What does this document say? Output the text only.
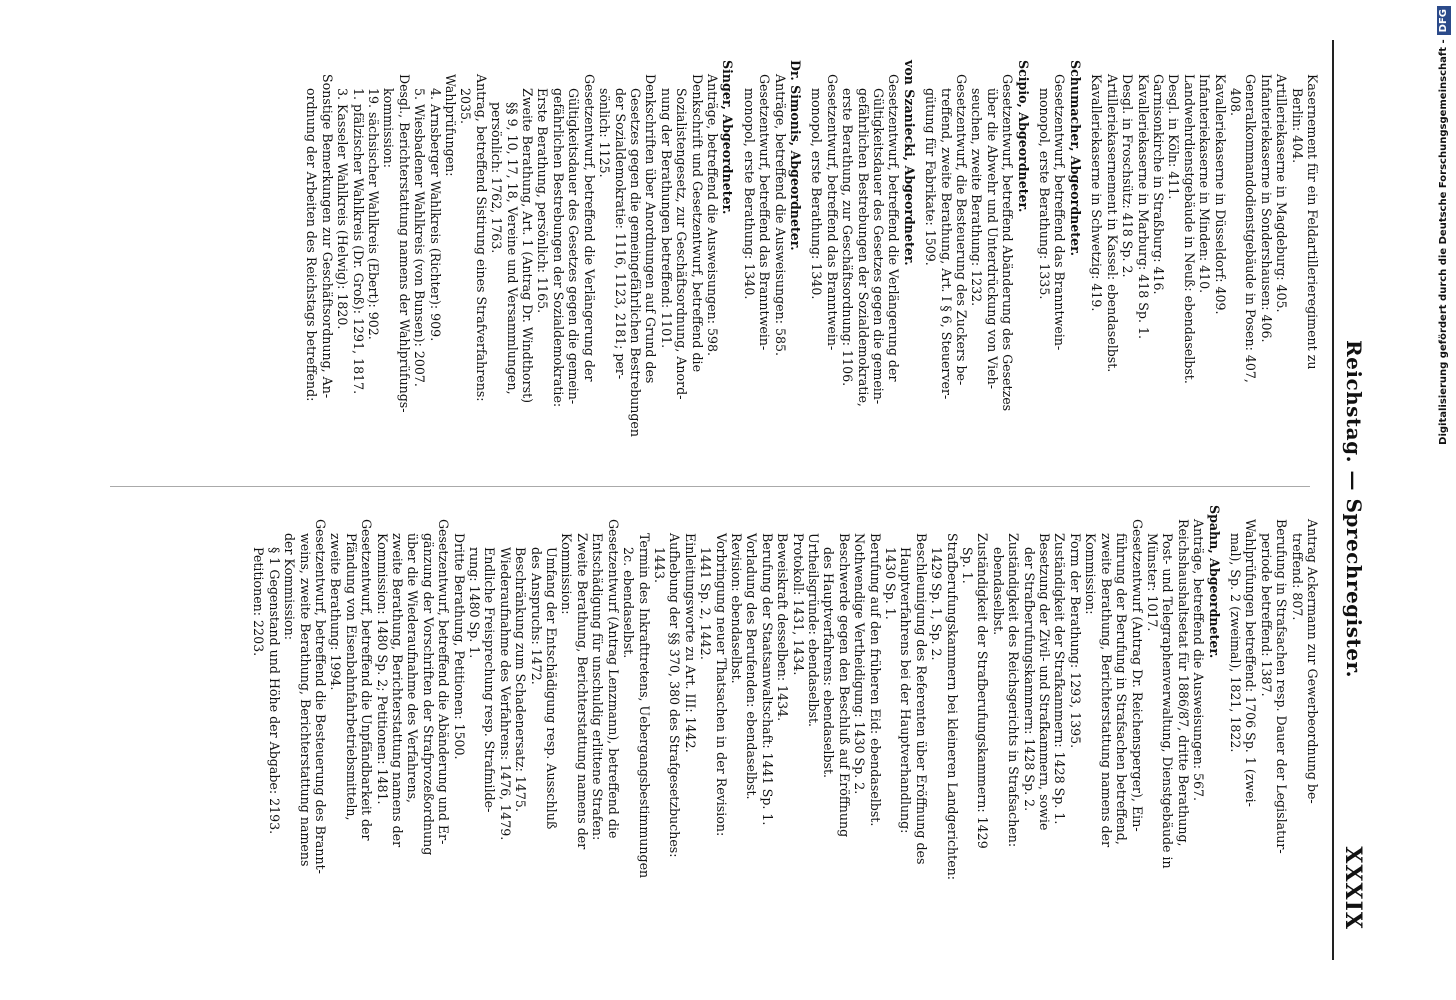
Reichstag. — Sprechregister.
XXXIX
Kasernement für ein Feldartillerieregiment zu
Berlin: 404.
Artilleriekaserne in Magdeburg: 405.
Infanteriekaserne in Sondershausen: 406.
Generalkommandodienstgebäude in Posen: 407,
408.
Kavalleriekaserne in Düsseldorf: 409.
Infanteriekaserne in Minden: 410.
Landwehrdienstgebäude in Neuß: ebendaselbst.
Desgl. in Köln: 411.
Garnisonkirche in Straßburg: 416.
Kavalleriekaserne in Marburg: 418 Sp. 1.
Desgl. in Froschsütz: 418 Sp. 2.
Artilleriekasernement in Kassel: ebendaselbst.
Kavalleriekaserne in Schwetzig: 419.
Schumacher, Abgeordneter.
Gesetzentwurf, betreffend das Branntwein-
monopol, erste Berathung: 1335.
Scipio, Abgeordneter.
Gesetzentwurf, betreffend Abänderung des Gesetzes
über die Abwehr und Unterdrückung von Vieh-
seuchen, zweite Berathung: 1232.
Gesetzentwurf, die Besteuerung des Zuckers be-
treffend, zweite Berathung, Art. I § 6, Steuerver-
gütung für Fabrikate: 1509.
von Szaniecki, Abgeordneter.
Gesetzentwurf, betreffend die Verlängerung der
Gültigkeitsdauer des Gesetzes gegen die gemein-
gefährlichen Bestrebungen der Sozialdemokratie,
erste Berathung, zur Geschäftsordnung: 1106.
Gesetzentwurf, betreffend das Branntwein-
monopol, erste Berathung: 1340.
Dr. Simonis, Abgeordneter.
Anträge, betreffend die Ausweisungen: 585.
Gesetzentwurf, betreffend das Branntwein-
monopol, erste Berathung: 1340.
Singer, Abgeordneter.
Anträge, betreffend die Ausweisungen: 598.
Denkschrift und Gesetzentwurf, betreffend die
Sozialistengesetz, zur Geschäftsordnung, Anord-
nung der Berathungen betreffend: 1101.
Denkschriften über Anordnungen auf Grund des
Gesetzes gegen die gemeingefährlichen Bestrebungen
der Sozialdemokratie: 1116, 1123, 2181; per-
sönlich: 1125.
Gesetzentwurf, betreffend die Verlängerung der
Gültigkeitsdauer des Gesetzes gegen die gemein-
gefährlichen Bestrebungen der Sozialdemokratie:
Erste Berathung, persönlich: 1165.
Zweite Berathung, Art. 1 (Antrag Dr. Windthorst)
§§ 9, 10, 17, 18, Vereine und Versammlungen,
persönlich: 1762, 1763.
Antrag, betreffend Sistirung eines Strafverfahrens:
2035.
Wahlprüfungen:
4. Arnsberger Wahlkreis (Richter): 909.
5. Wiesbadener Wahlkreis (von Bunsen): 2007.
Desgl., Berichterstattung namens der Wahlprüfungs-
kommission:
19. sächsischer Wahlkreis (Ebert): 902.
1. pfälzischer Wahlkreis (Dr. Groß): 1291, 1817.
3. Kasseler Wahlkreis (Helwig): 1820.
Sonstige Bemerkungen zur Geschäftsordnung, An-
ordnung der Arbeiten des Reichstags betreffend:
Antrag Ackermann zur Gewerbeordnung be-
treffend: 807.
Berufung in Strafsachen resp. Dauer der Legislatur-
periode betreffend: 1387.
Wahlprüfungen betreffend: 1706 Sp. 1 (zwei-
mal), Sp. 2 (zweimal), 1821, 1822.
Spahn, Abgeordneter.
Anträge, betreffend die Ausweisungen: 567.
Reichshaushaltsetat für 1886/87, dritte Berathung,
Post- und Telegraphenverwaltung, Dienstgebäude in
Münster: 1017.
Gesetzentwurf (Antrag Dr. Reichensperger), Ein-
führung der Berufung in Strafsachen betreffend,
zweite Berathung, Berichterstattung namens der
Kommission:
Form der Berathung: 1293, 1395.
Zuständigkeit der Strafkammern: 1428 Sp. 1.
Besetzung der Zivil- und Strafkammern, sowie
der Strafberufungskammern: 1428 Sp. 2.
Zuständigkeit des Reichsgerichts in Strafsachen:
ebendaselbst.
Zuständigkeit der Strafberufungskammern: 1429
Sp. 1.
Strafberufungskammern bei kleineren Landgerichten:
1429 Sp. 1, Sp. 2.
Beschleunigung des Referenten über Eröffnung des
Hauptverfahrens bei der Hauptverhandlung:
1430 Sp. 1.
Berufung auf den früheren Eid: ebendaselbst.
Nothwendige Vertheidigung: 1430 Sp. 2.
Beschwerde gegen den Beschluß auf Eröffnung
des Hauptverfahrens: ebendaselbst.
Urtheilsgründe: ebendaselbst.
Protokoll: 1431, 1434.
Beweiskraft desselben: 1434.
Berufung der Staatsanwaltschaft: 1441 Sp. 1.
Vorladung des Berufenden: ebendaselbst.
Revision: ebendaselbst.
Vorbringung neuer Thatsachen in der Revision:
1441 Sp. 2, 1442.
Einleitungsworte zu Art. III: 1442.
Aufhebung der §§ 370, 380 des Strafgesetzbuches:
1443.
Termin des Inkrafttretens, Uebergangsbestimmungen
2c. ebendaselbst.
Gesetzentwurf (Antrag Lenzmann), betreffend die
Entschädigung für unschuldig erlittene Strafen:
Zweite Berathung, Berichterstattung namens der
Kommission:
Umfang der Entschädigung resp. Ausschluß
des Anspruchs: 1472.
Beschränkung zum Schadenersatz: 1475.
Wiederaufnahme des Verfahrens: 1476, 1479.
Endliche Freisprechung resp. Strafmilde-
rung: 1480 Sp. 1.
Dritte Berathung, Petitionen: 1500.
Gesetzentwurf, betreffend die Abänderung und Er-
gänzung der Vorschriften der Strafprozeßordnung
über die Wiederaufnahme des Verfahrens,
zweite Berathung, Berichterstattung namens der
Kommission: 1480 Sp. 2; Petitionen: 1481.
Gesetzentwurf, betreffend die Unpfändbarkeit der
Pfändung von Eisenbahnfahrbetriebsmitteln,
zweite Berathung: 1994.
Gesetzentwurf, betreffend die Besteuerung des Brannt-
weins, zweite Berathung, Berichterstattung namens
der Kommission:
§ 1 Gegenstand und Höhe der Abgabe: 2193.
Petitionen: 2203.
Digitalisierung gefördert durch die Deutsche Forschungsgemeinschaft -DFG
